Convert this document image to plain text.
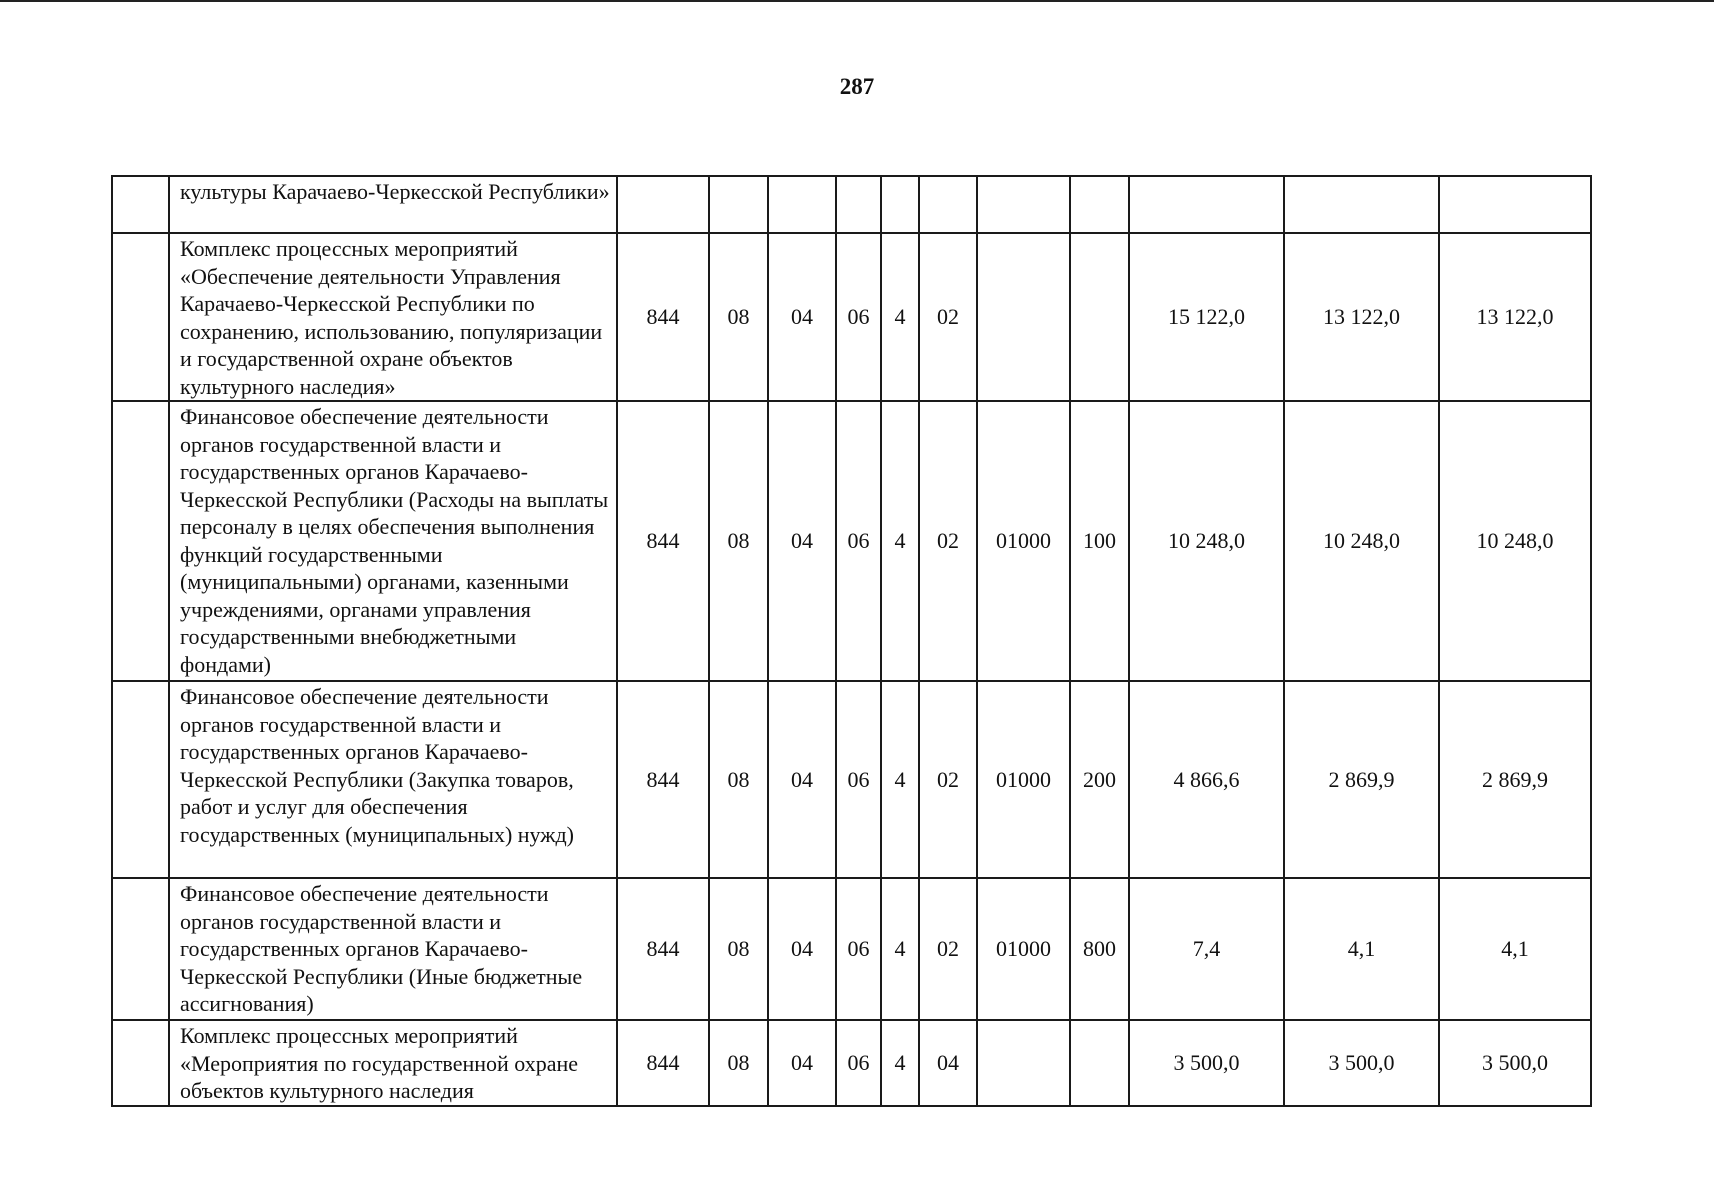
287
	культуры Карачаево-Черкесской Республики»											
	Комплекс процессных мероприятий «Обеспечение деятельности Управления Карачаево-Черкесской Республики по сохранению, использованию, популяризации и государственной охране объектов культурного наследия»	844	08	04	06	4	02			15 122,0	13 122,0	13 122,0
	Финансовое обеспечение деятельности органов государственной власти и государственных органов Карачаево-Черкесской Республики (Расходы на выплаты персоналу в целях обеспечения выполнения функций государственными (муниципальными) органами, казенными учреждениями, органами управления государственными внебюджетными фондами)	844	08	04	06	4	02	01000	100	10 248,0	10 248,0	10 248,0
	Финансовое обеспечение деятельности органов государственной власти и государственных органов Карачаево-Черкесской Республики (Закупка товаров, работ и услуг для обеспечения государственных (муниципальных) нужд)	844	08	04	06	4	02	01000	200	4 866,6	2 869,9	2 869,9
	Финансовое обеспечение деятельности органов государственной власти и государственных органов Карачаево-Черкесской Республики (Иные бюджетные ассигнования)	844	08	04	06	4	02	01000	800	7,4	4,1	4,1
	Комплекс процессных мероприятий «Мероприятия по государственной охране объектов культурного наследия	844	08	04	06	4	04			3 500,0	3 500,0	3 500,0
